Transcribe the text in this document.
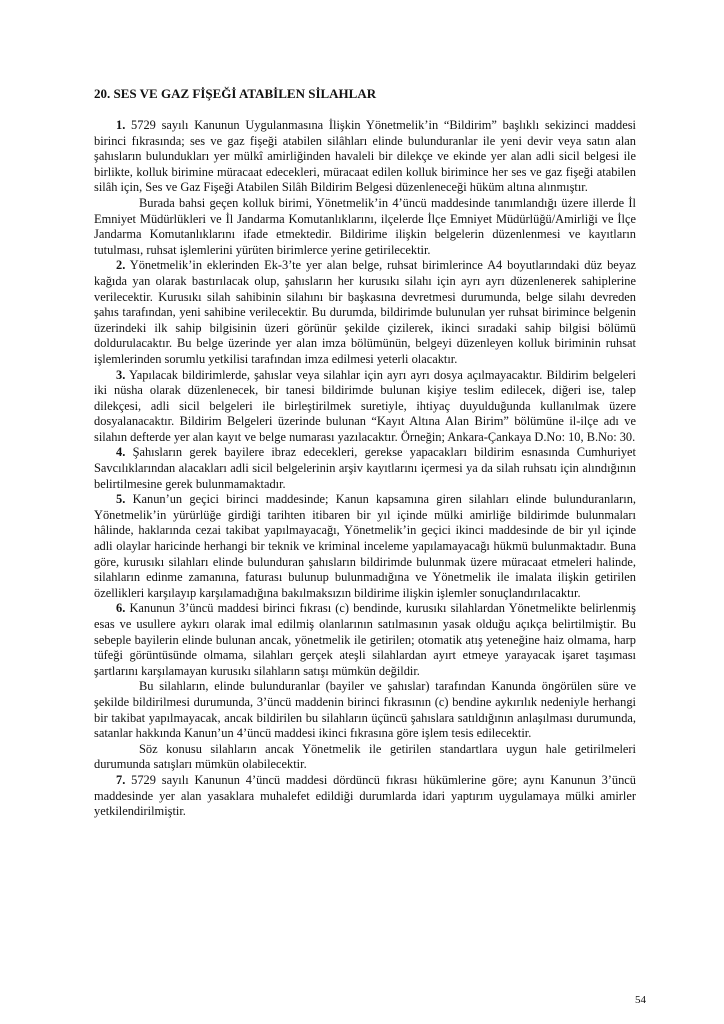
20. SES VE GAZ FİŞEĞİ ATABİLEN SİLAHLAR

1. 5729 sayılı Kanunun Uygulanmasına İlişkin Yönetmelik’in “Bildirim” başlıklı sekizinci maddesi birinci fıkrasında; ses ve gaz fişeği atabilen silâhları elinde bulunduranlar ile yeni devir veya satın alan şahısların bulundukları yer mülkî amirliğinden havaleli bir dilekçe ve ekinde yer alan adli sicil belgesi ile birlikte, kolluk birimine müracaat edecekleri, müracaat edilen kolluk birimince her ses ve gaz fişeği atabilen silâh için, Ses ve Gaz Fişeği Atabilen Silâh Bildirim Belgesi düzenleneceği hüküm altına alınmıştır.

Burada bahsi geçen kolluk birimi, Yönetmelik’in 4’üncü maddesinde tanımlandığı üzere illerde İl Emniyet Müdürlükleri ve İl Jandarma Komutanlıklarını, ilçelerde İlçe Emniyet Müdürlüğü/Amirliği ve İlçe Jandarma Komutanlıklarını ifade etmektedir. Bildirime ilişkin belgelerin düzenlenmesi ve kayıtların tutulması, ruhsat işlemlerini yürüten birimlerce yerine getirilecektir.

2. Yönetmelik’in eklerinden Ek-3’te yer alan belge, ruhsat birimlerince A4 boyutlarındaki düz beyaz kağıda yan olarak bastırılacak olup, şahısların her kurusıkı silahı için ayrı ayrı düzenlenerek sahiplerine verilecektir. Kurusıkı silah sahibinin silahını bir başkasına devretmesi durumunda, belge silahı devreden şahıs tarafından, yeni sahibine verilecektir. Bu durumda, bildirimde bulunulan yer ruhsat birimince belgenin üzerindeki ilk sahip bilgisinin üzeri görünür şekilde çizilerek, ikinci sıradaki sahip bilgisi bölümü doldurulacaktır. Bu belge üzerinde yer alan imza bölümünün, belgeyi düzenleyen kolluk biriminin ruhsat işlemlerinden sorumlu yetkilisi tarafından imza edilmesi yeterli olacaktır.

3. Yapılacak bildirimlerde, şahıslar veya silahlar için ayrı ayrı dosya açılmayacaktır. Bildirim belgeleri iki nüsha olarak düzenlenecek, bir tanesi bildirimde bulunan kişiye teslim edilecek, diğeri ise, talep dilekçesi, adli sicil belgeleri ile birleştirilmek suretiyle, ihtiyaç duyulduğunda kullanılmak üzere dosyalanacaktır. Bildirim Belgeleri üzerinde bulunan “Kayıt Altına Alan Birim” bölümüne il-ilçe adı ve silahın defterde yer alan kayıt ve belge numarası yazılacaktır. Örneğin; Ankara-Çankaya D.No: 10, B.No: 30.

4. Şahısların gerek bayilere ibraz edecekleri, gerekse yapacakları bildirim esnasında Cumhuriyet Savcılıklarından alacakları adli sicil belgelerinin arşiv kayıtlarını içermesi ya da silah ruhsatı için alındığının belirtilmesine gerek bulunmamaktadır.

5. Kanun’un geçici birinci maddesinde; Kanun kapsamına giren silahları elinde bulunduranların, Yönetmelik’in yürürlüğe girdiği tarihten itibaren bir yıl içinde mülki amirliğe bildirimde bulunmaları hâlinde, haklarında cezai takibat yapılmayacağı, Yönetmelik’in geçici ikinci maddesinde de bir yıl içinde adli olaylar haricinde herhangi bir teknik ve kriminal inceleme yapılamayacağı hükmü bulunmaktadır. Buna göre, kurusıkı silahları elinde bulunduran şahısların bildirimde bulunmak üzere müracaat etmeleri halinde, silahların edinme zamanına, faturası bulunup bulunmadığına ve Yönetmelik ile imalata ilişkin getirilen özellikleri karşılayıp karşılamadığına bakılmaksızın bildirime ilişkin işlemler sonuçlandırılacaktır.

6. Kanunun 3’üncü maddesi birinci fıkrası (c) bendinde, kurusıkı silahlardan Yönetmelikte belirlenmiş esas ve usullere aykırı olarak imal edilmiş olanlarının satılmasının yasak olduğu açıkça belirtilmiştir. Bu sebeple bayilerin elinde bulunan ancak, yönetmelik ile getirilen; otomatik atış yeteneğine haiz olmama, harp tüfeği görüntüsünde olmama, silahları gerçek ateşli silahlardan ayırt etmeye yarayacak işaret taşıması şartlarını karşılamayan kurusıkı silahların satışı mümkün değildir.

Bu silahların, elinde bulunduranlar (bayiler ve şahıslar) tarafından Kanunda öngörülen süre ve şekilde bildirilmesi durumunda, 3’üncü maddenin birinci fıkrasının (c) bendine aykırılık nedeniyle herhangi bir takibat yapılmayacak, ancak bildirilen bu silahların üçüncü şahıslara satıldığının anlaşılması durumunda, satanlar hakkında Kanun’un 4’üncü maddesi ikinci fıkrasına göre işlem tesis edilecektir.

Söz konusu silahların ancak Yönetmelik ile getirilen standartlara uygun hale getirilmeleri durumunda satışları mümkün olabilecektir.

7. 5729 sayılı Kanunun 4’üncü maddesi dördüncü fıkrası hükümlerine göre; aynı Kanunun 3’üncü maddesinde yer alan yasaklara muhalefet edildiği durumlarda idari yaptırım uygulamaya mülki amirler yetkilendirilmiştir.

54
